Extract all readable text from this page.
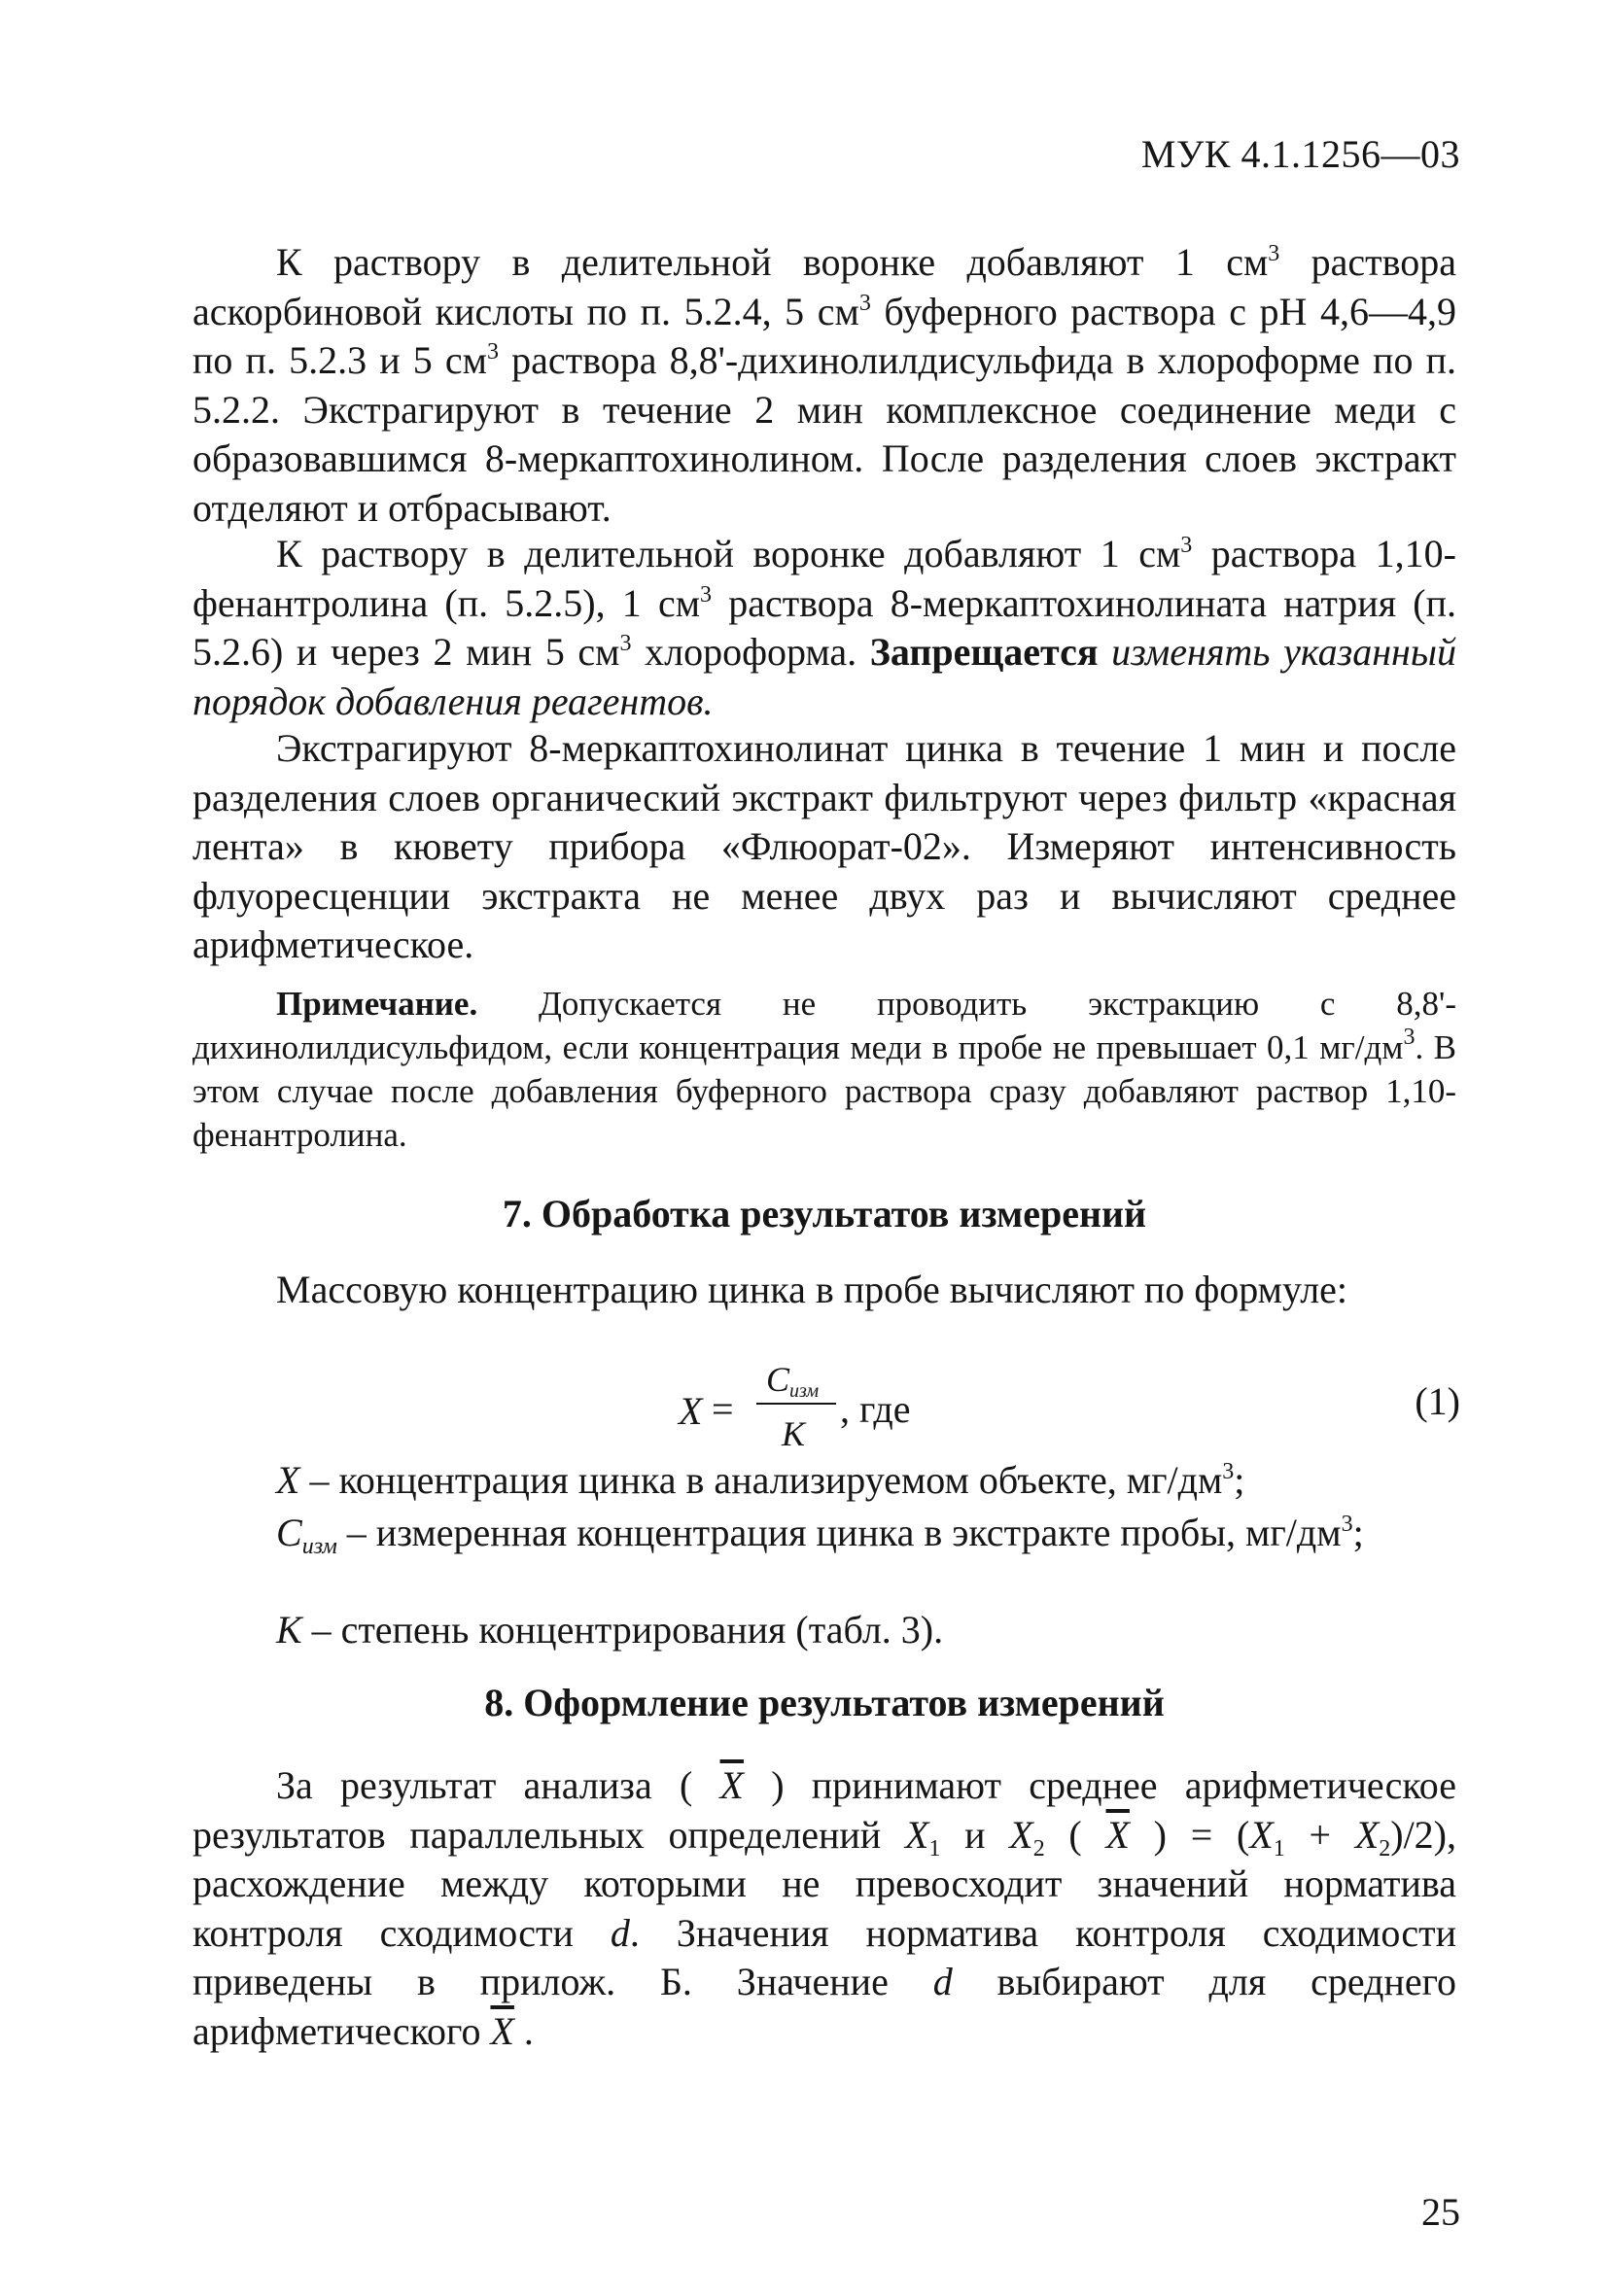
МУК 4.1.1256—03

К раствору в делительной воронке добавляют 1 $см^3$ раствора аскорбиновой кислоты по п. 5.2.4, 5 $см^3$ буферного раствора с рН 4,6—4,9 по п. 5.2.3 и 5 $см^3$ раствора 8,8'-дихинолилдисульфида в хлороформе по п. 5.2.2. Экстрагируют в течение 2 мин комплексное соединение меди с образовавшимся 8-меркаптохинолином. После разделения слоев экстракт отделяют и отбрасывают.

К раствору в делительной воронке добавляют 1 $см^3$ раствора 1,10-фенантролина (п. 5.2.5), 1 $см^3$ раствора 8-меркаптохинолината натрия (п. 5.2.6) и через 2 мин 5 $см^3$ хлороформа. Запрещается изменять указанный порядок добавления реагентов.

Экстрагируют 8-меркаптохинолинат цинка в течение 1 мин и после разделения слоев органический экстракт фильтруют через фильтр «красная лента» в кювету прибора «Флюорат-02». Измеряют интенсивность флуоресценции экстракта не менее двух раз и вычисляют среднее арифметическое.

Примечание. Допускается не проводить экстракцию с 8,8'-дихинолилдисульфидом, если концентрация меди в пробе не превышает 0,1 $мг/дм^3$. В этом случае после добавления буферного раствора сразу добавляют раствор 1,10-фенантролина.

7. Обработка результатов измерений

Массовую концентрацию цинка в пробе вычисляют по формуле:

X =
$C_{изм}$
K
, где	(1)

X – концентрация цинка в анализируемом объекте, $мг/дм^3$;

$C_{изм}$ – измеренная концентрация цинка в экстракте пробы, $мг/дм^3$;

К – степень концентрирования (табл. 3).

8. Оформление результатов измерений

За результат анализа ( $\overline{X}$ ) принимают среднее арифметическое результатов параллельных определений $X_1$ и $X_2$ ( $\overline{X}$ ) = $(X_1 + X_2)/2$), расхождение между которыми не превосходит значений норматива контроля сходимости d. Значения норматива контроля сходимости приведены в прилож. Б. Значение d выбирают для среднего арифметического $\overline{X}$ .

25
